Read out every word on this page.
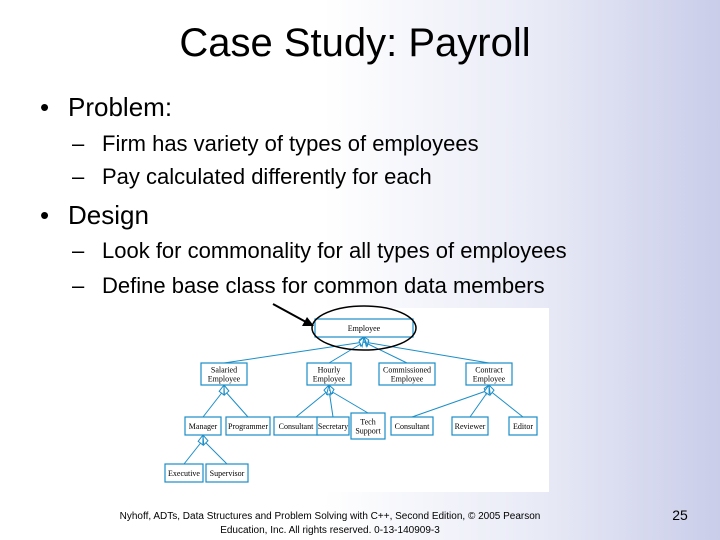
Case Study: Payroll
• Problem:
– Firm has variety of types of employees
– Pay calculated differently for each
• Design
– Look for commonality for all types of employees
– Define base class for common data members
Employee
Salaried
Employee
Hourly
Employee
Commissioned
Employee
Contract
Employee
Manager Programmer Consultant Secretary Tech
Support Consultant	Reviewer	Editor
Executive Supervisor
Nyhoff, ADTs, Data Structures and Problem Solving with C++, Second Edition, © 2005 Pearson
Education, Inc. All rights reserved. 0-13-140909-3
25
